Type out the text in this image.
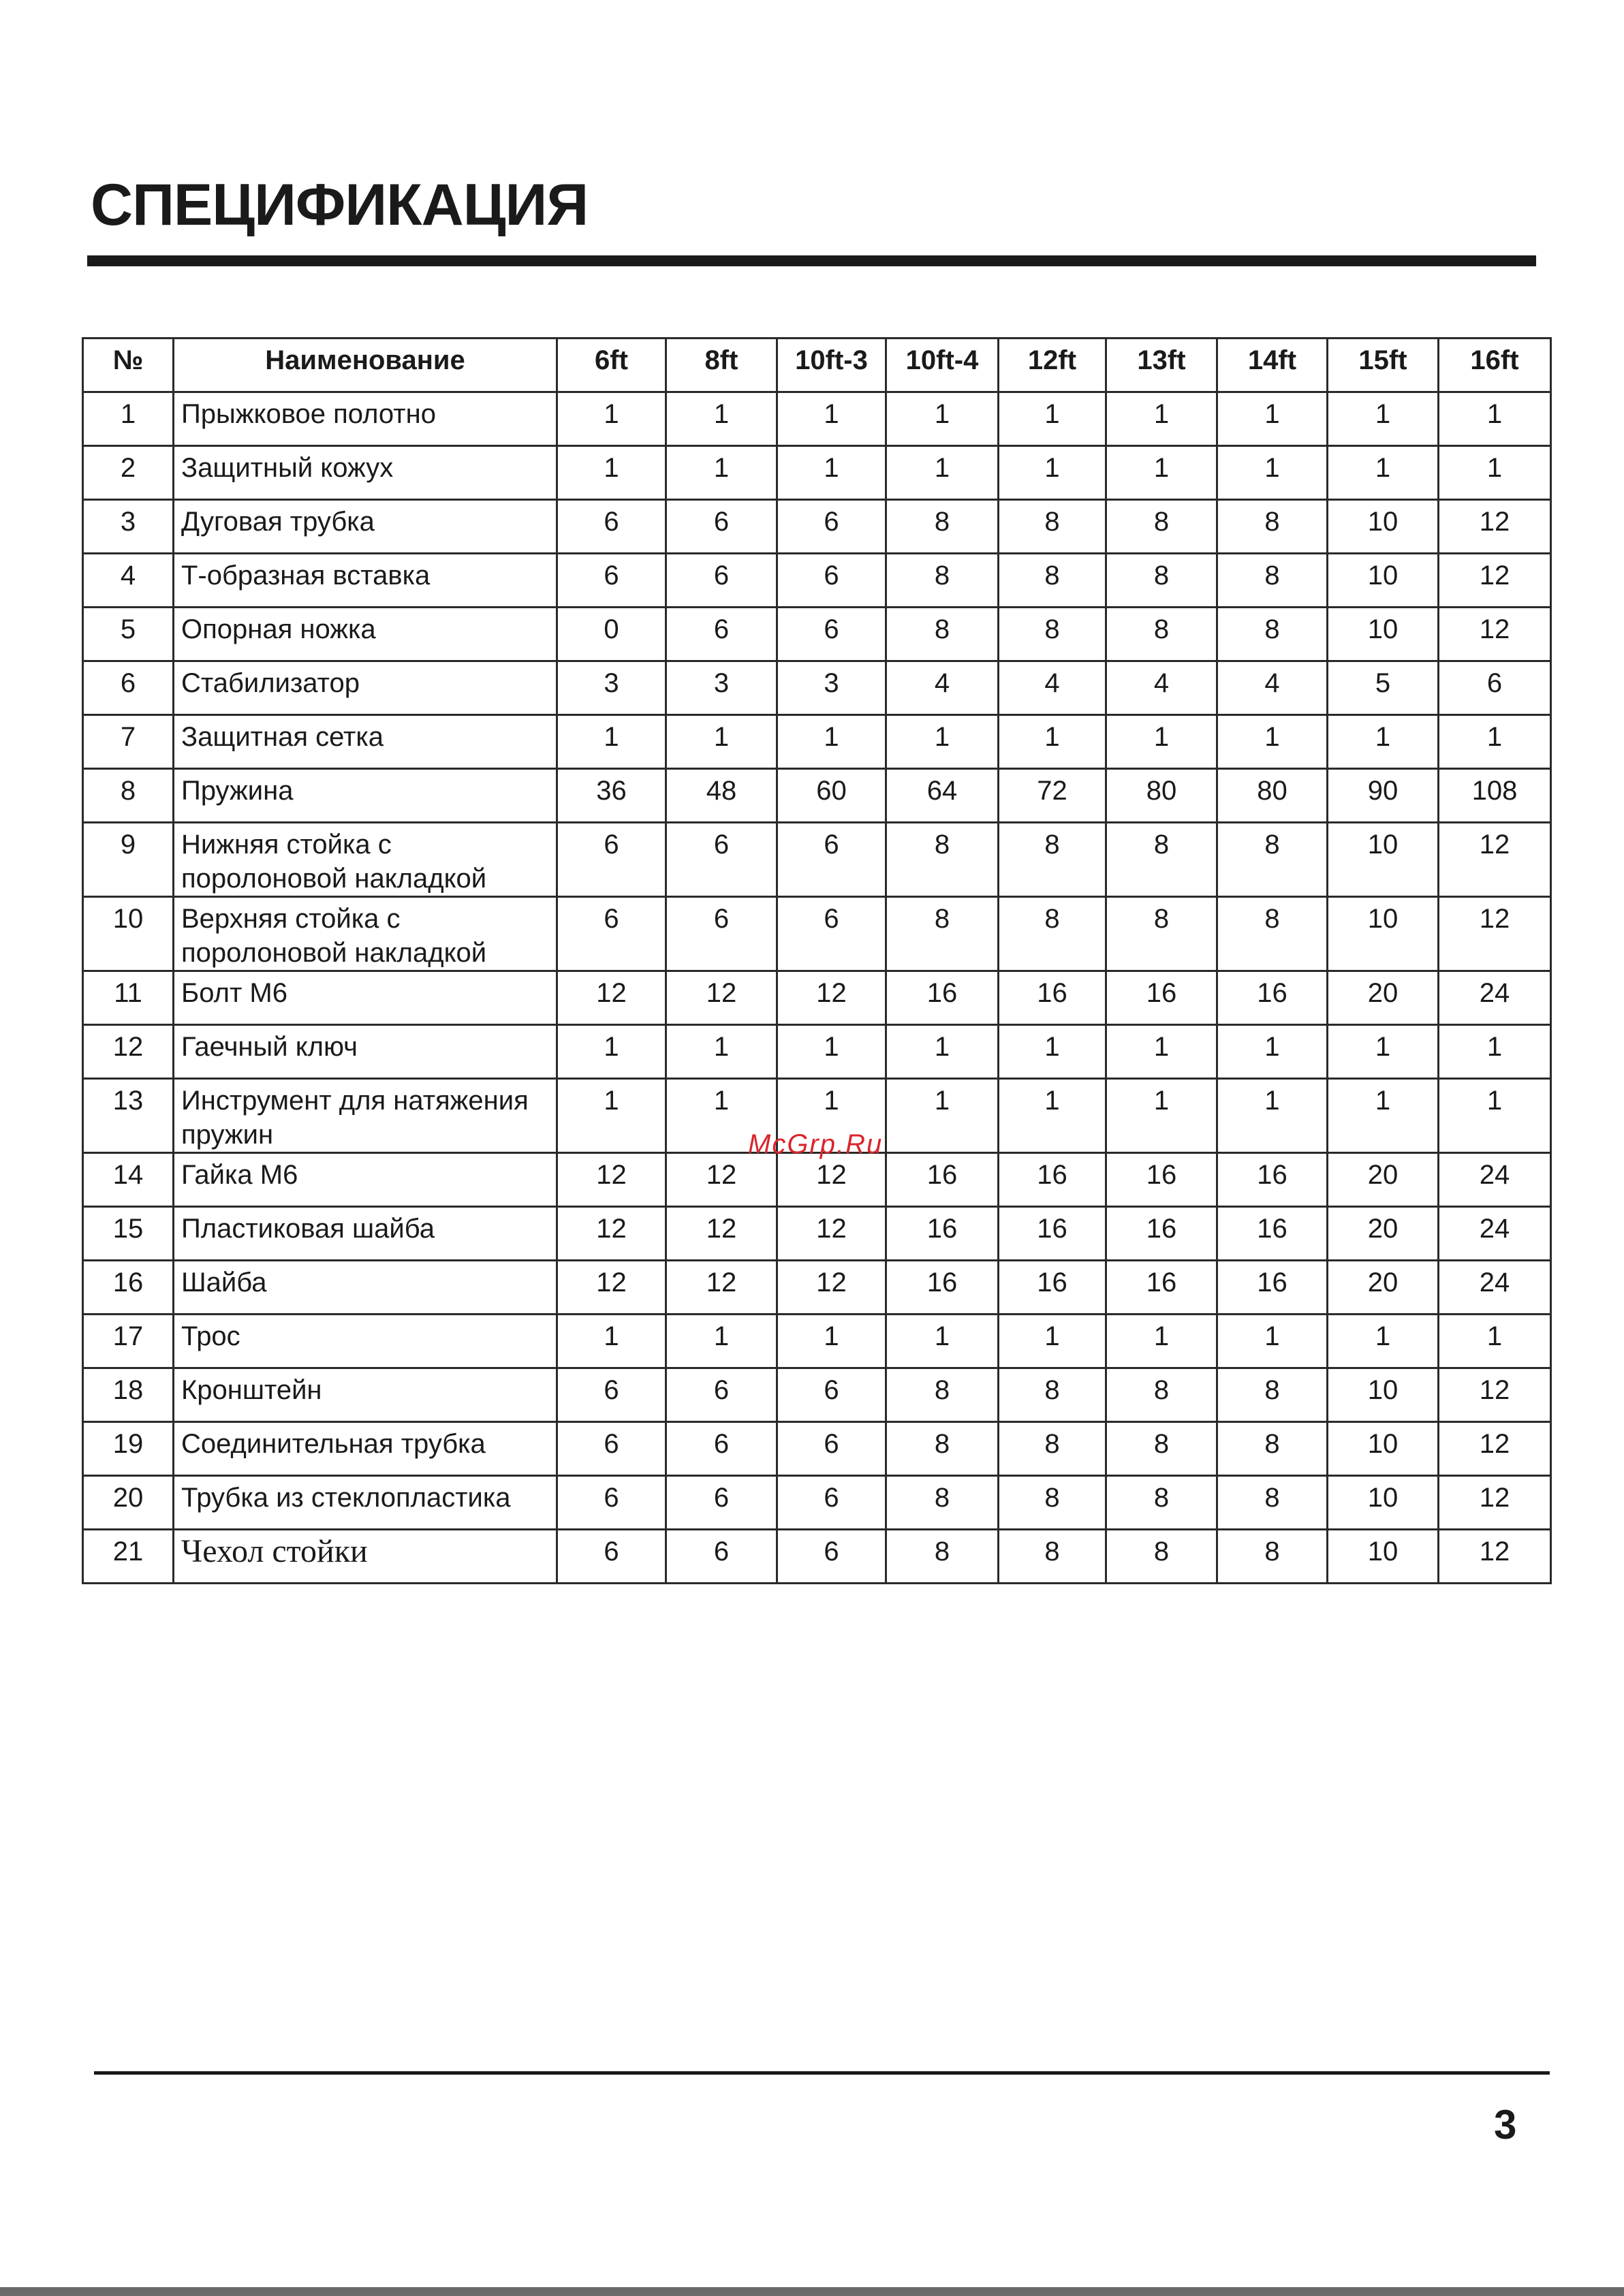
СПЕЦИФИКАЦИЯ
№	Наименование	6ft	8ft	10ft-3	10ft-4	12ft	13ft	14ft	15ft	16ft
1	Прыжковое полотно	1	1	1	1	1	1	1	1	1
2	Защитный кожух	1	1	1	1	1	1	1	1	1
3	Дуговая трубка	6	6	6	8	8	8	8	10	12
4	Т-образная вставка	6	6	6	8	8	8	8	10	12
5	Опорная ножка	0	6	6	8	8	8	8	10	12
6	Стабилизатор	3	3	3	4	4	4	4	5	6
7	Защитная сетка	1	1	1	1	1	1	1	1	1
8	Пружина	36	48	60	64	72	80	80	90	108
9	Нижняя стойка с поролоновой накладкой	6	6	6	8	8	8	8	10	12
10	Верхняя стойка с поролоновой накладкой	6	6	6	8	8	8	8	10	12
11	Болт М6	12	12	12	16	16	16	16	20	24
12	Гаечный ключ	1	1	1	1	1	1	1	1	1
13	Инструмент для натяжения пружин	1	1	1	1	1	1	1	1	1
14	Гайка М6	12	12	12	16	16	16	16	20	24
15	Пластиковая шайба	12	12	12	16	16	16	16	20	24
16	Шайба	12	12	12	16	16	16	16	20	24
17	Трос	1	1	1	1	1	1	1	1	1
18	Кронштейн	6	6	6	8	8	8	8	10	12
19	Соединительная трубка	6	6	6	8	8	8	8	10	12
20	Трубка из стеклопластика	6	6	6	8	8	8	8	10	12
21	Чехол стойки	6	6	6	8	8	8	8	10	12
McGrp.Ru
3
